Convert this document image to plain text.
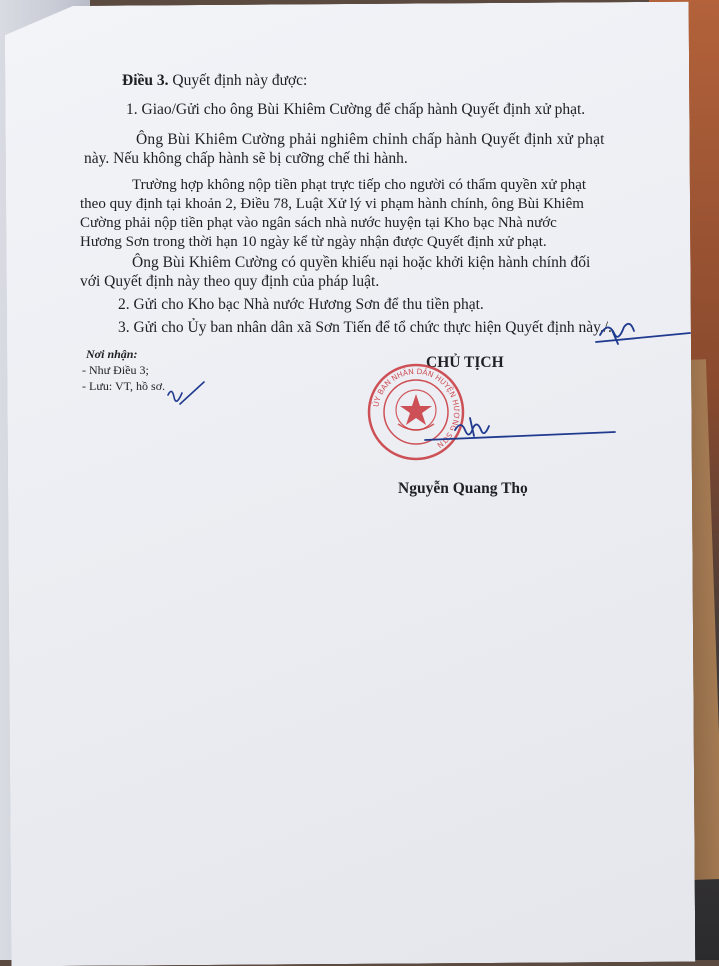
Điều 3. Quyết định này được:

1. Giao/Gửi cho ông Bùi Khiêm Cường để chấp hành Quyết định xử phạt.

Ông Bùi Khiêm Cường phải nghiêm chỉnh chấp hành Quyết định xử phạt

này. Nếu không chấp hành sẽ bị cưỡng chế thi hành.

Trường hợp không nộp tiền phạt trực tiếp cho người có thẩm quyền xử phạt

theo quy định tại khoản 2, Điều 78, Luật Xử lý vi phạm hành chính, ông Bùi Khiêm

Cường phải nộp tiền phạt vào ngân sách nhà nước huyện tại Kho bạc Nhà nước

Hương Sơn trong thời hạn 10 ngày kể từ ngày nhận được Quyết định xử phạt.

Ông Bùi Khiêm Cường có quyền khiếu nại hoặc khởi kiện hành chính đối

với Quyết định này theo quy định của pháp luật.

2. Gửi cho Kho bạc Nhà nước Hương Sơn để thu tiền phạt.

3. Gửi cho Ủy ban nhân dân xã Sơn Tiến để tổ chức thực hiện Quyết định này./.

Nơi nhận:

- Như Điều 3;

- Lưu: VT, hồ sơ.

CHỦ TỊCH

Nguyễn Quang Thọ

ỦY BAN NHÂN DÂN HUYỆN HƯƠNG SƠN
